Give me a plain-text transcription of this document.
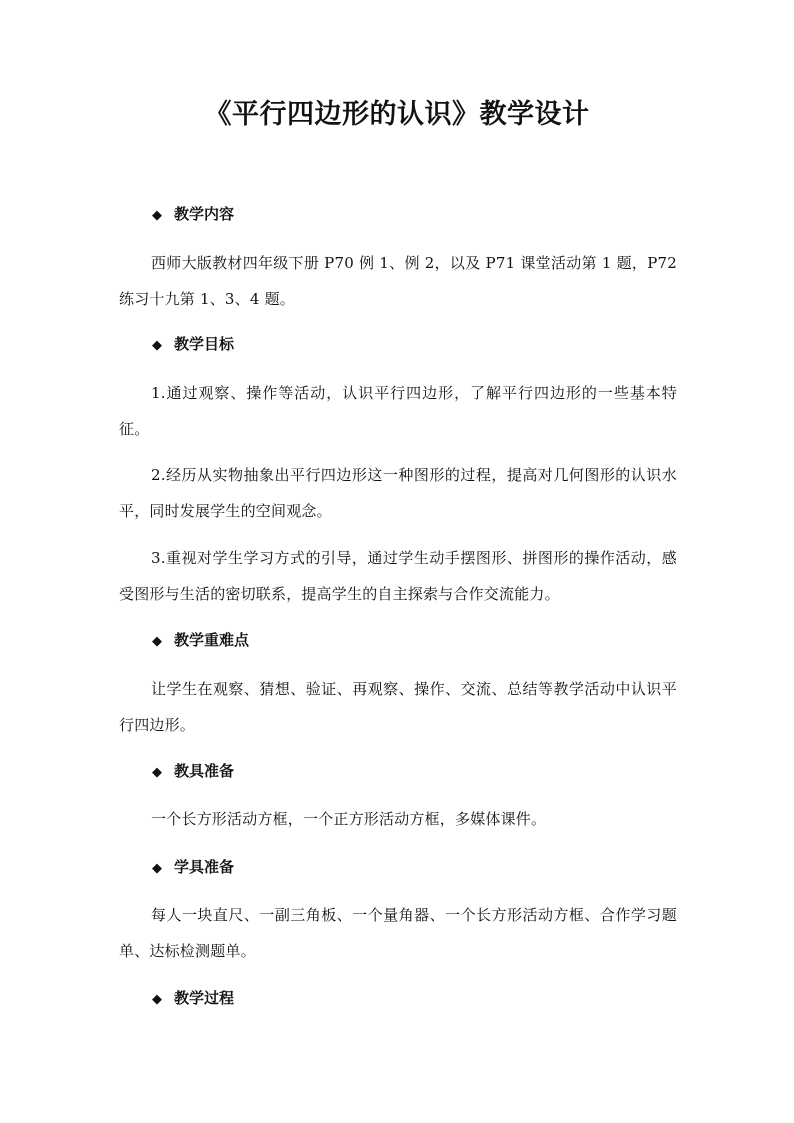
《平行四边形的认识》教学设计
◆ 教学内容
西师大版教材四年级下册 P70 例 1、例 2，以及 P71 课堂活动第 1 题，P72 练习十九第 1、3、4 题。
◆ 教学目标
1.通过观察、操作等活动，认识平行四边形，了解平行四边形的一些基本特征。
2.经历从实物抽象出平行四边形这一种图形的过程，提高对几何图形的认识水平，同时发展学生的空间观念。
3.重视对学生学习方式的引导，通过学生动手摆图形、拼图形的操作活动，感受图形与生活的密切联系，提高学生的自主探索与合作交流能力。
◆ 教学重难点
让学生在观察、猜想、验证、再观察、操作、交流、总结等教学活动中认识平行四边形。
◆ 教具准备
一个长方形活动方框，一个正方形活动方框，多媒体课件。
◆ 学具准备
每人一块直尺、一副三角板、一个量角器、一个长方形活动方框、合作学习题单、达标检测题单。
◆ 教学过程
